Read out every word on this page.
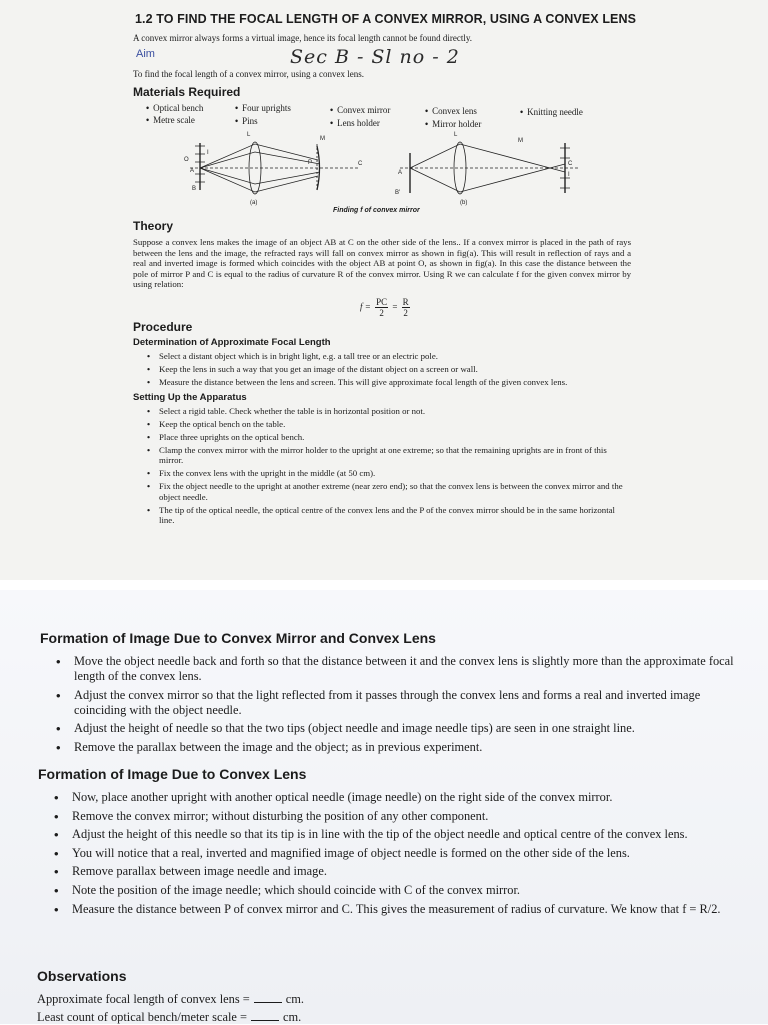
1.2 TO FIND THE FOCAL LENGTH OF A CONVEX MIRROR, USING A CONVEX LENS
A convex mirror always forms a virtual image, hence its focal length cannot be found directly.
Aim	Sec B - Sl no - 2
To find the focal length of a convex mirror, using a convex lens.
Materials Required
• Optical bench	• Four uprights	• Convex mirror	• Convex lens	• Knitting needle
• Metre scale	• Pins	• Lens holder	• Mirror holder
O
A
B
I
L
M
P	C
(a)
A
B′
L
M
C
I
(b)
Finding f of convex mirror
Theory
Suppose a convex lens makes the image of an object AB at C on the other side of the lens.. If a convex mirror is placed in the path of rays between the lens and the image, the refracted rays will fall on convex mirror as shown in fig(a). This will result in reflection of rays and a real and inverted image is formed which coincides with the object AB at point O, as shown in fig(a). In this case the distance between the pole of mirror P and C is equal to the radius of curvature R of the convex mirror. Using R we can calculate f for the given convex mirror by using relation:
$f = \frac{PC}{2} = \frac{R}{2}$
Procedure
Determination of Approximate Focal Length
• Select a distant object which is in bright light, e.g. a tall tree or an electric pole.
• Keep the lens in such a way that you get an image of the distant object on a screen or wall.
• Measure the distance between the lens and screen. This will give approximate focal length of the given convex lens.
Setting Up the Apparatus
• Select a rigid table. Check whether the table is in horizontal position or not.
• Keep the optical bench on the table.
• Place three uprights on the optical bench.
• Clamp the convex mirror with the mirror holder to the upright at one extreme; so that the remaining uprights are in front of this mirror.
• Fix the convex lens with the upright in the middle (at 50 cm).
• Fix the object needle to the upright at another extreme (near zero end); so that the convex lens is between the convex mirror and the object needle.
• The tip of the optical needle, the optical centre of the convex lens and the P of the convex mirror should be in the same horizontal line.
Formation of Image Due to Convex Mirror and Convex Lens
• Move the object needle back and forth so that the distance between it and the convex lens is slightly more than the approximate focal length of the convex lens.
• Adjust the convex mirror so that the light reflected from it passes through the convex lens and forms a real and inverted image coinciding with the object needle.
• Adjust the height of needle so that the two tips (object needle and image needle tips) are seen in one straight line.
• Remove the parallax between the image and the object; as in previous experiment.
Formation of Image Due to Convex Lens
• Now, place another upright with another optical needle (image needle) on the right side of the convex mirror.
• Remove the convex mirror; without disturbing the position of any other component.
• Adjust the height of this needle so that its tip is in line with the tip of the object needle and optical centre of the convex lens.
• You will notice that a real, inverted and magnified image of object needle is formed on the other side of the lens.
• Remove parallax between image needle and image.
• Note the position of the image needle; which should coincide with C of the convex mirror.
• Measure the distance between P of convex mirror and C. This gives the measurement of radius of curvature. We know that f = R/2.
Observations
Approximate focal length of convex lens =	cm.
Least count of optical bench/meter scale =	cm.
